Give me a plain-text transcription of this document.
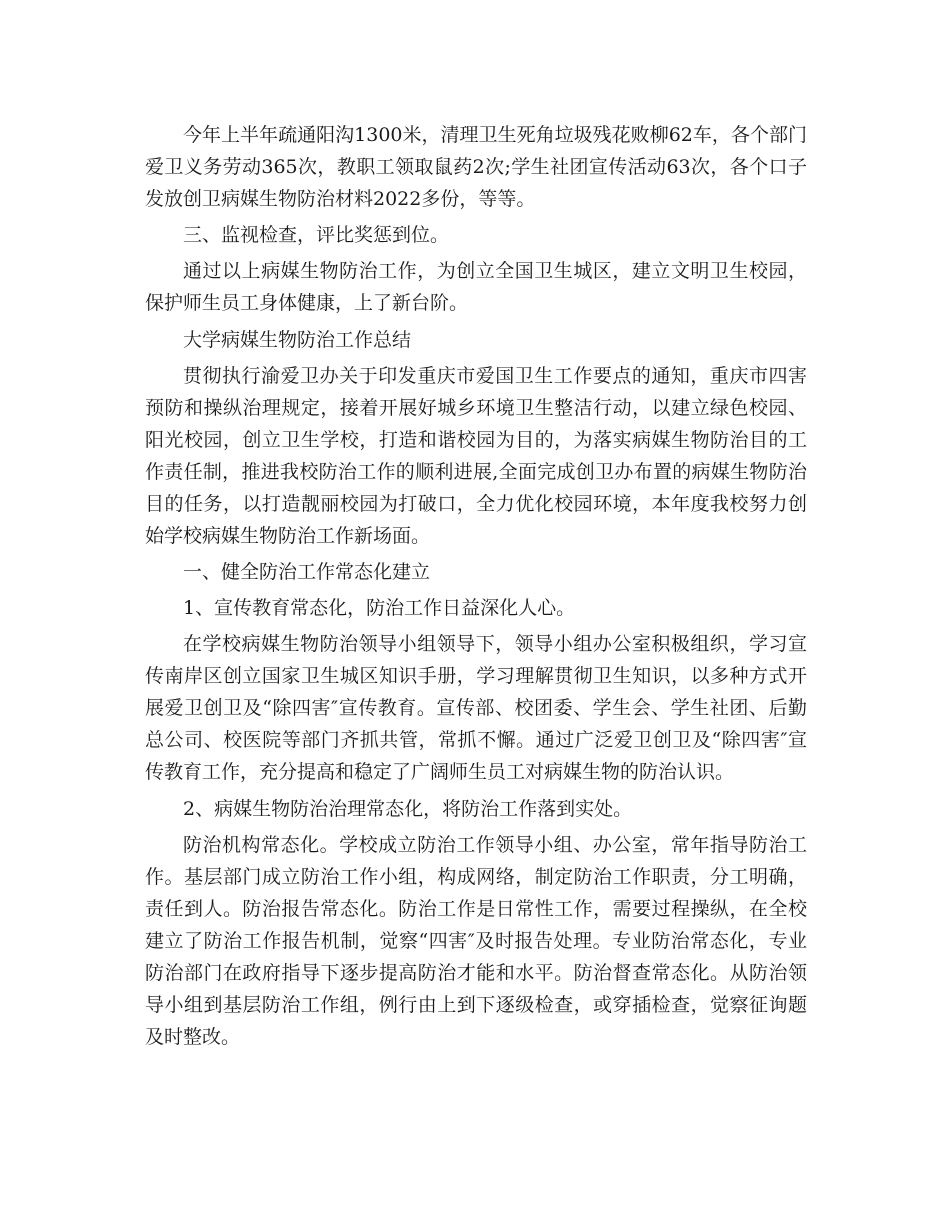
今年上半年疏通阳沟1300米，清理卫生死角垃圾残花败柳62车，各个部门爱卫义务劳动365次，教职工领取鼠药2次;学生社团宣传活动63次，各个口子发放创卫病媒生物防治材料2022多份，等等。

三、监视检查，评比奖惩到位。

通过以上病媒生物防治工作，为创立全国卫生城区，建立文明卫生校园，保护师生员工身体健康，上了新台阶。

大学病媒生物防治工作总结

贯彻执行渝爱卫办关于印发重庆市爱国卫生工作要点的通知，重庆市四害预防和操纵治理规定，接着开展好城乡环境卫生整洁行动，以建立绿色校园、阳光校园，创立卫生学校，打造和谐校园为目的，为落实病媒生物防治目的工作责任制，推进我校防治工作的顺利进展,全面完成创卫办布置的病媒生物防治目的任务，以打造靓丽校园为打破口，全力优化校园环境，本年度我校努力创始学校病媒生物防治工作新场面。

一、健全防治工作常态化建立

1、宣传教育常态化，防治工作日益深化人心。

在学校病媒生物防治领导小组领导下，领导小组办公室积极组织，学习宣传南岸区创立国家卫生城区知识手册，学习理解贯彻卫生知识，以多种方式开展爱卫创卫及“除四害″宣传教育。宣传部、校团委、学生会、学生社团、后勤总公司、校医院等部门齐抓共管，常抓不懈。通过广泛爱卫创卫及“除四害″宣传教育工作，充分提高和稳定了广阔师生员工对病媒生物的防治认识。

2、病媒生物防治治理常态化，将防治工作落到实处。

防治机构常态化。学校成立防治工作领导小组、办公室，常年指导防治工作。基层部门成立防治工作小组，构成网络，制定防治工作职责，分工明确，责任到人。防治报告常态化。防治工作是日常性工作，需要过程操纵，在全校建立了防治工作报告机制，觉察“四害″及时报告处理。专业防治常态化，专业防治部门在政府指导下逐步提高防治才能和水平。防治督查常态化。从防治领导小组到基层防治工作组，例行由上到下逐级检查，或穿插检查，觉察征询题及时整改。
